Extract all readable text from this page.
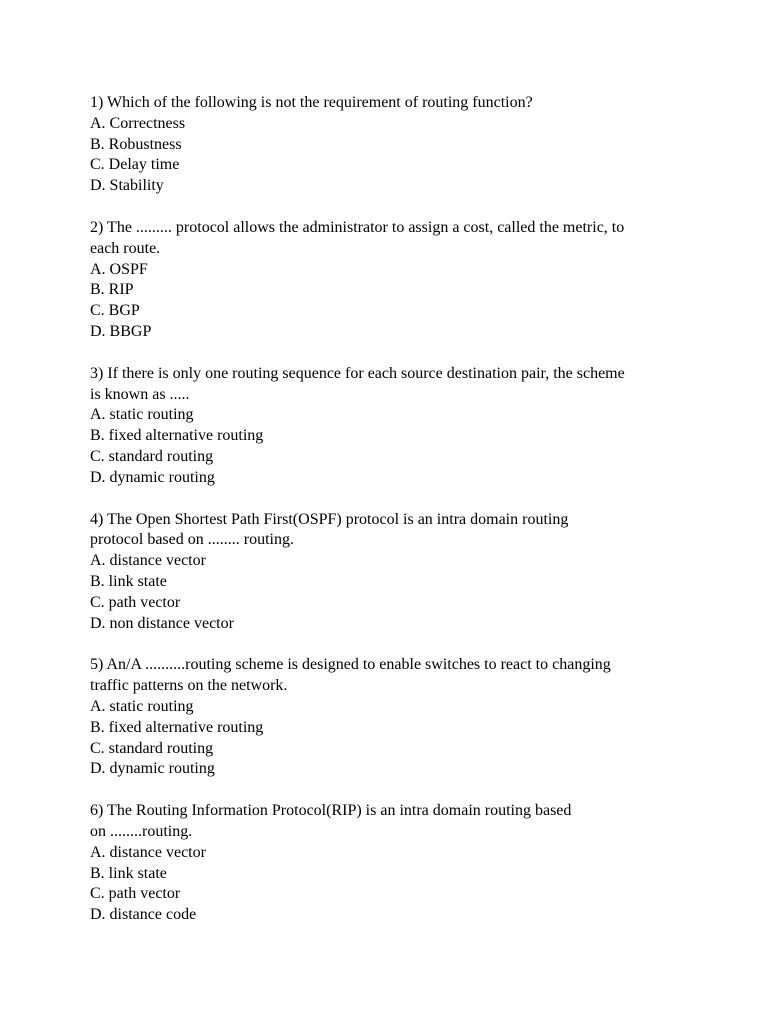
1) Which of the following is not the requirement of routing function?

A. Correctness

B. Robustness

C. Delay time

D. Stability

2) The ......... protocol allows the administrator to assign a cost, called the metric, to

each route.

A. OSPF

B. RIP

C. BGP

D. BBGP

3) If there is only one routing sequence for each source destination pair, the scheme

is known as .....

A. static routing

B. fixed alternative routing

C. standard routing

D. dynamic routing

4) The Open Shortest Path First(OSPF) protocol is an intra domain routing

protocol based on ........ routing.

A. distance vector

B. link state

C. path vector

D. non distance vector

5) An/A ..........routing scheme is designed to enable switches to react to changing

traffic patterns on the network.

A. static routing

B. fixed alternative routing

C. standard routing

D. dynamic routing

6) The Routing Information Protocol(RIP) is an intra domain routing based

on ........routing.

A. distance vector

B. link state

C. path vector

D. distance code
